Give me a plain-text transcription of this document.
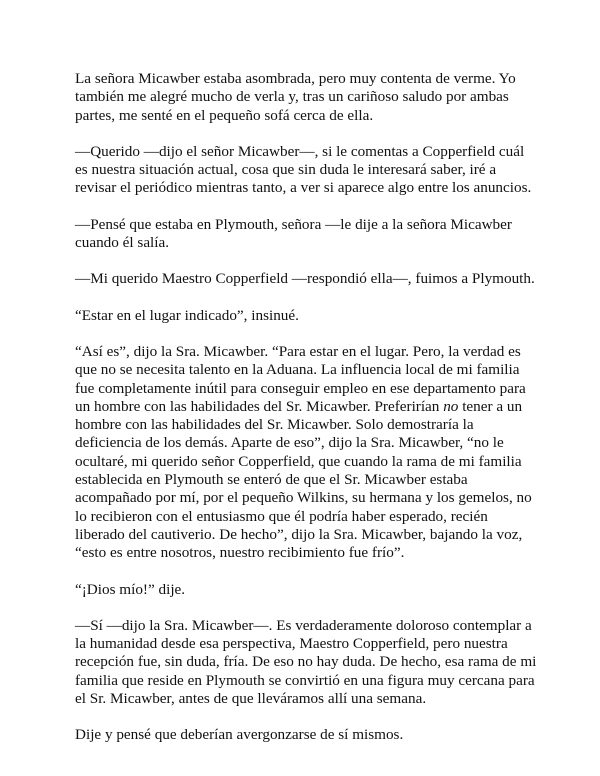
La señora Micawber estaba asombrada, pero muy contenta de verme. Yo
también me alegré mucho de verla y, tras un cariñoso saludo por ambas
partes, me senté en el pequeño sofá cerca de ella.

—Querido —dijo el señor Micawber—, si le comentas a Copperfield cuál
es nuestra situación actual, cosa que sin duda le interesará saber, iré a
revisar el periódico mientras tanto, a ver si aparece algo entre los anuncios.

—Pensé que estaba en Plymouth, señora —le dije a la señora Micawber
cuando él salía.

—Mi querido Maestro Copperfield —respondió ella—, fuimos a Plymouth.

“Estar en el lugar indicado”, insinué.

“Así es”, dijo la Sra. Micawber. “Para estar en el lugar. Pero, la verdad es
que no se necesita talento en la Aduana. La influencia local de mi familia
fue completamente inútil para conseguir empleo en ese departamento para
un hombre con las habilidades del Sr. Micawber. Preferirían no tener a un
hombre con las habilidades del Sr. Micawber. Solo demostraría la
deficiencia de los demás. Aparte de eso”, dijo la Sra. Micawber, “no le
ocultaré, mi querido señor Copperfield, que cuando la rama de mi familia
establecida en Plymouth se enteró de que el Sr. Micawber estaba
acompañado por mí, por el pequeño Wilkins, su hermana y los gemelos, no
lo recibieron con el entusiasmo que él podría haber esperado, recién
liberado del cautiverio. De hecho”, dijo la Sra. Micawber, bajando la voz,
“esto es entre nosotros, nuestro recibimiento fue frío”.

“¡Dios mío!” dije.

—Sí —dijo la Sra. Micawber—. Es verdaderamente doloroso contemplar a
la humanidad desde esa perspectiva, Maestro Copperfield, pero nuestra
recepción fue, sin duda, fría. De eso no hay duda. De hecho, esa rama de mi
familia que reside en Plymouth se convirtió en una figura muy cercana para
el Sr. Micawber, antes de que lleváramos allí una semana.

Dije y pensé que deberían avergonzarse de sí mismos.
